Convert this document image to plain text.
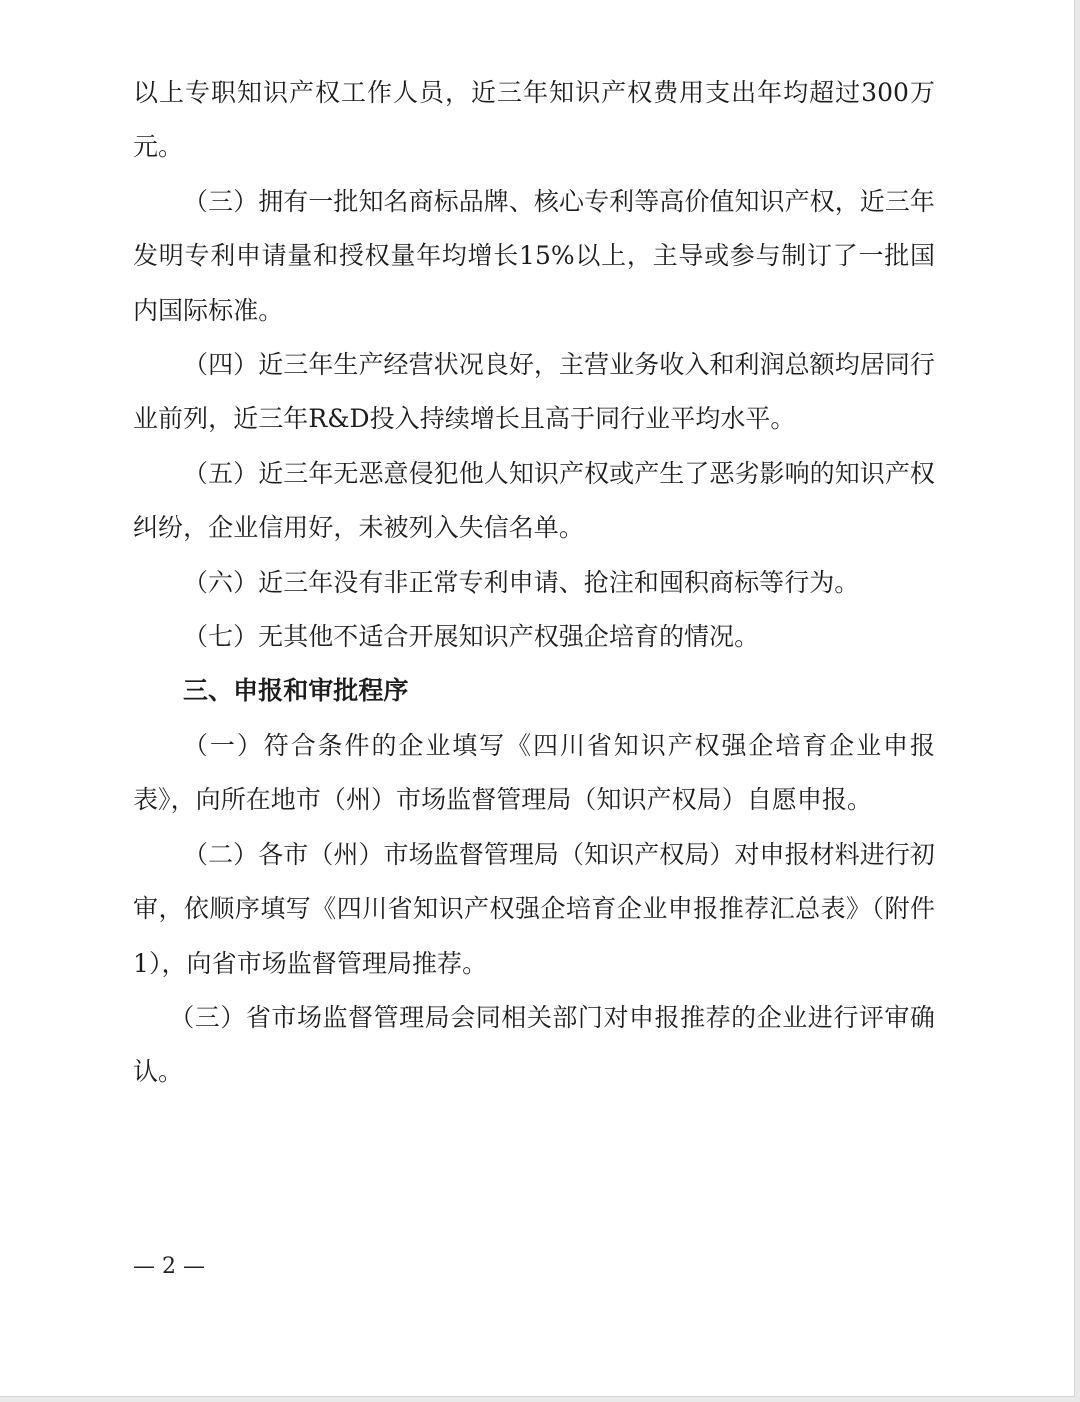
以上专职知识产权工作人员，近三年知识产权费用支出年均超过300万元。

（三）拥有一批知名商标品牌、核心专利等高价值知识产权，近三年发明专利申请量和授权量年均增长15%以上，主导或参与制订了一批国内国际标准。

（四）近三年生产经营状况良好，主营业务收入和利润总额均居同行业前列，近三年R&D投入持续增长且高于同行业平均水平。

（五）近三年无恶意侵犯他人知识产权或产生了恶劣影响的知识产权纠纷，企业信用好，未被列入失信名单。

（六）近三年没有非正常专利申请、抢注和囤积商标等行为。

（七）无其他不适合开展知识产权强企培育的情况。

三、申报和审批程序

（一）符合条件的企业填写《四川省知识产权强企培育企业申报表》，向所在地市（州）市场监督管理局（知识产权局）自愿申报。

（二）各市（州）市场监督管理局（知识产权局）对申报材料进行初审，依顺序填写《四川省知识产权强企培育企业申报推荐汇总表》（附件1），向省市场监督管理局推荐。

（三）省市场监督管理局会同相关部门对申报推荐的企业进行评审确认。

— 2 —
